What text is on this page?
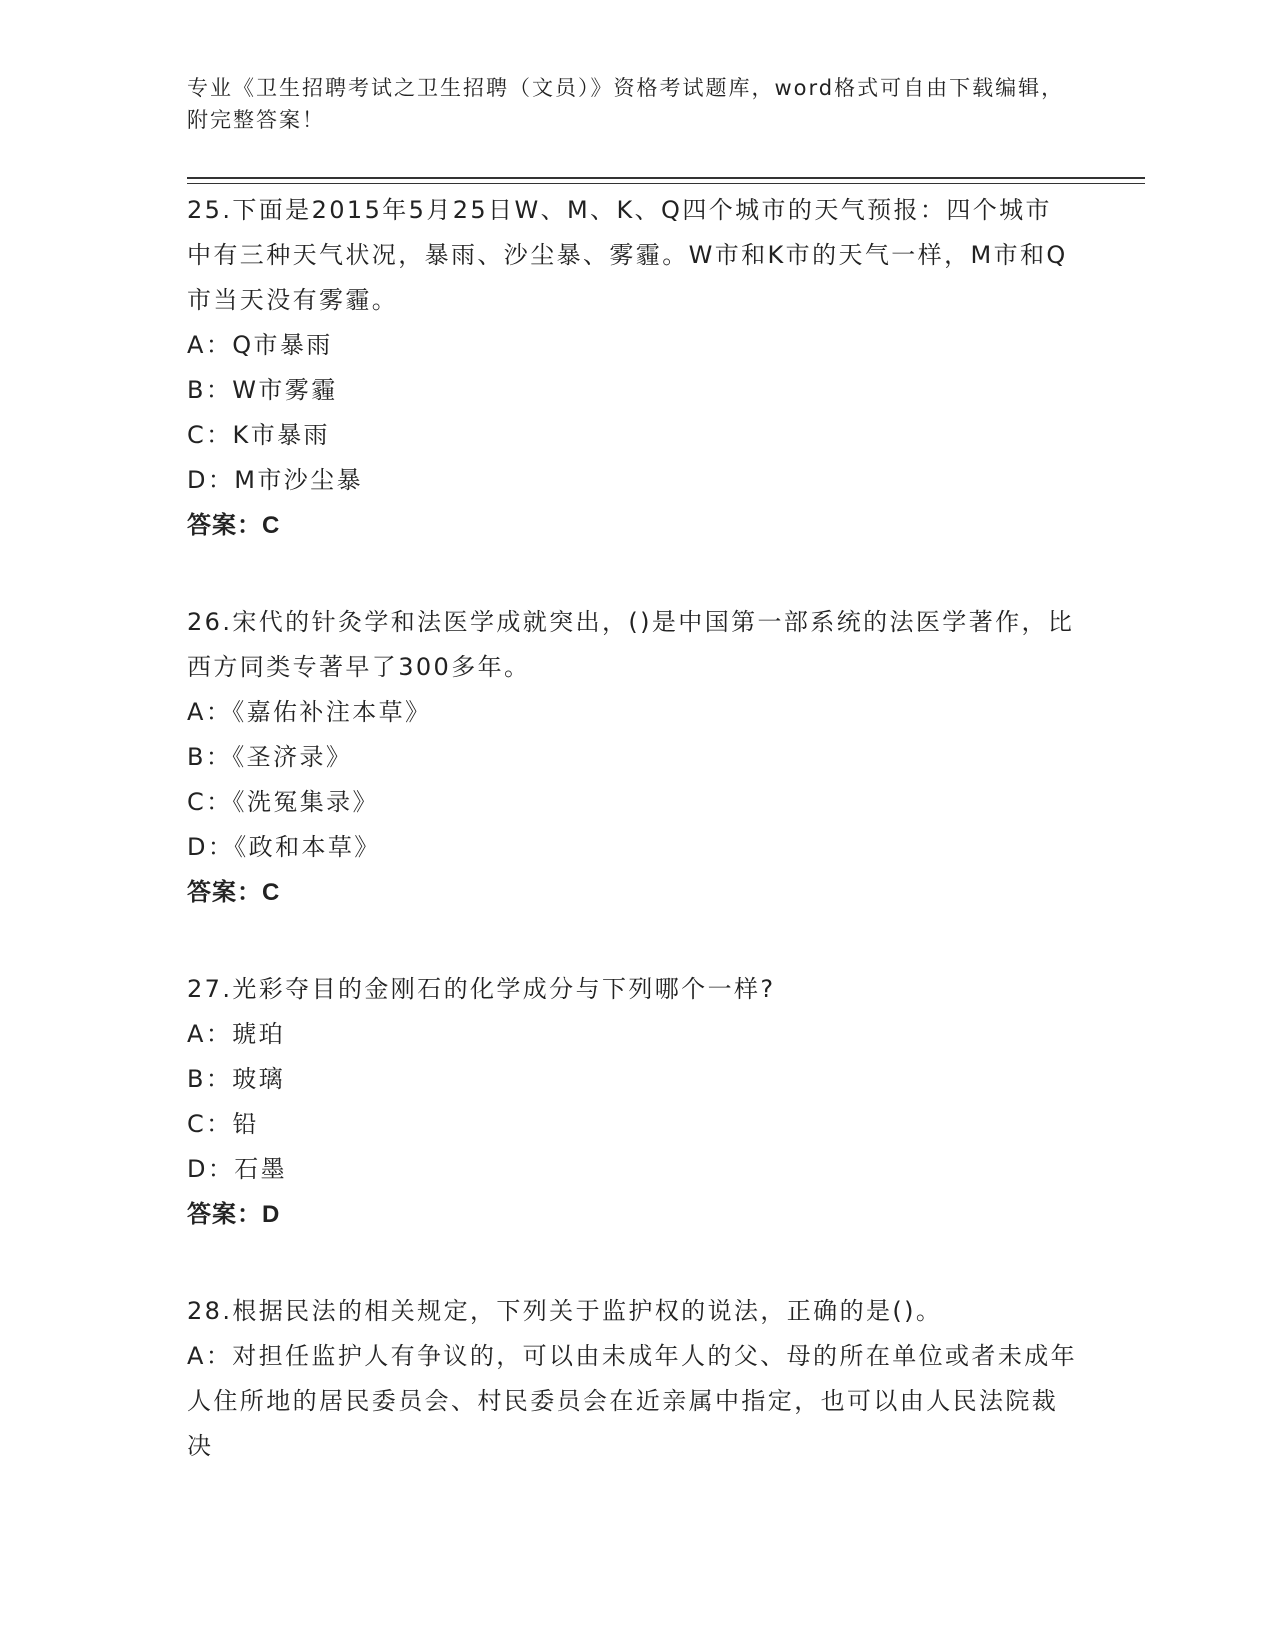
专业《卫生招聘考试之卫生招聘（文员）》资格考试题库，word格式可自由下载编辑，附完整答案！

25.下面是2015年5月25日W、M、K、Q四个城市的天气预报：四个城市中有三种天气状况，暴雨、沙尘暴、雾霾。W市和K市的天气一样，M市和Q市当天没有雾霾。

A：Q市暴雨

B：W市雾霾

C：K市暴雨

D：M市沙尘暴

答案：C

26.宋代的针灸学和法医学成就突出，()是中国第一部系统的法医学著作，比西方同类专著早了300多年。

A：《嘉佑补注本草》

B：《圣济录》

C：《洗冤集录》

D：《政和本草》

答案：C

27.光彩夺目的金刚石的化学成分与下列哪个一样?

A：琥珀

B：玻璃

C：铅

D：石墨

答案：D

28.根据民法的相关规定，下列关于监护权的说法，正确的是()。

A：对担任监护人有争议的，可以由未成年人的父、母的所在单位或者未成年人住所地的居民委员会、村民委员会在近亲属中指定，也可以由人民法院裁决
